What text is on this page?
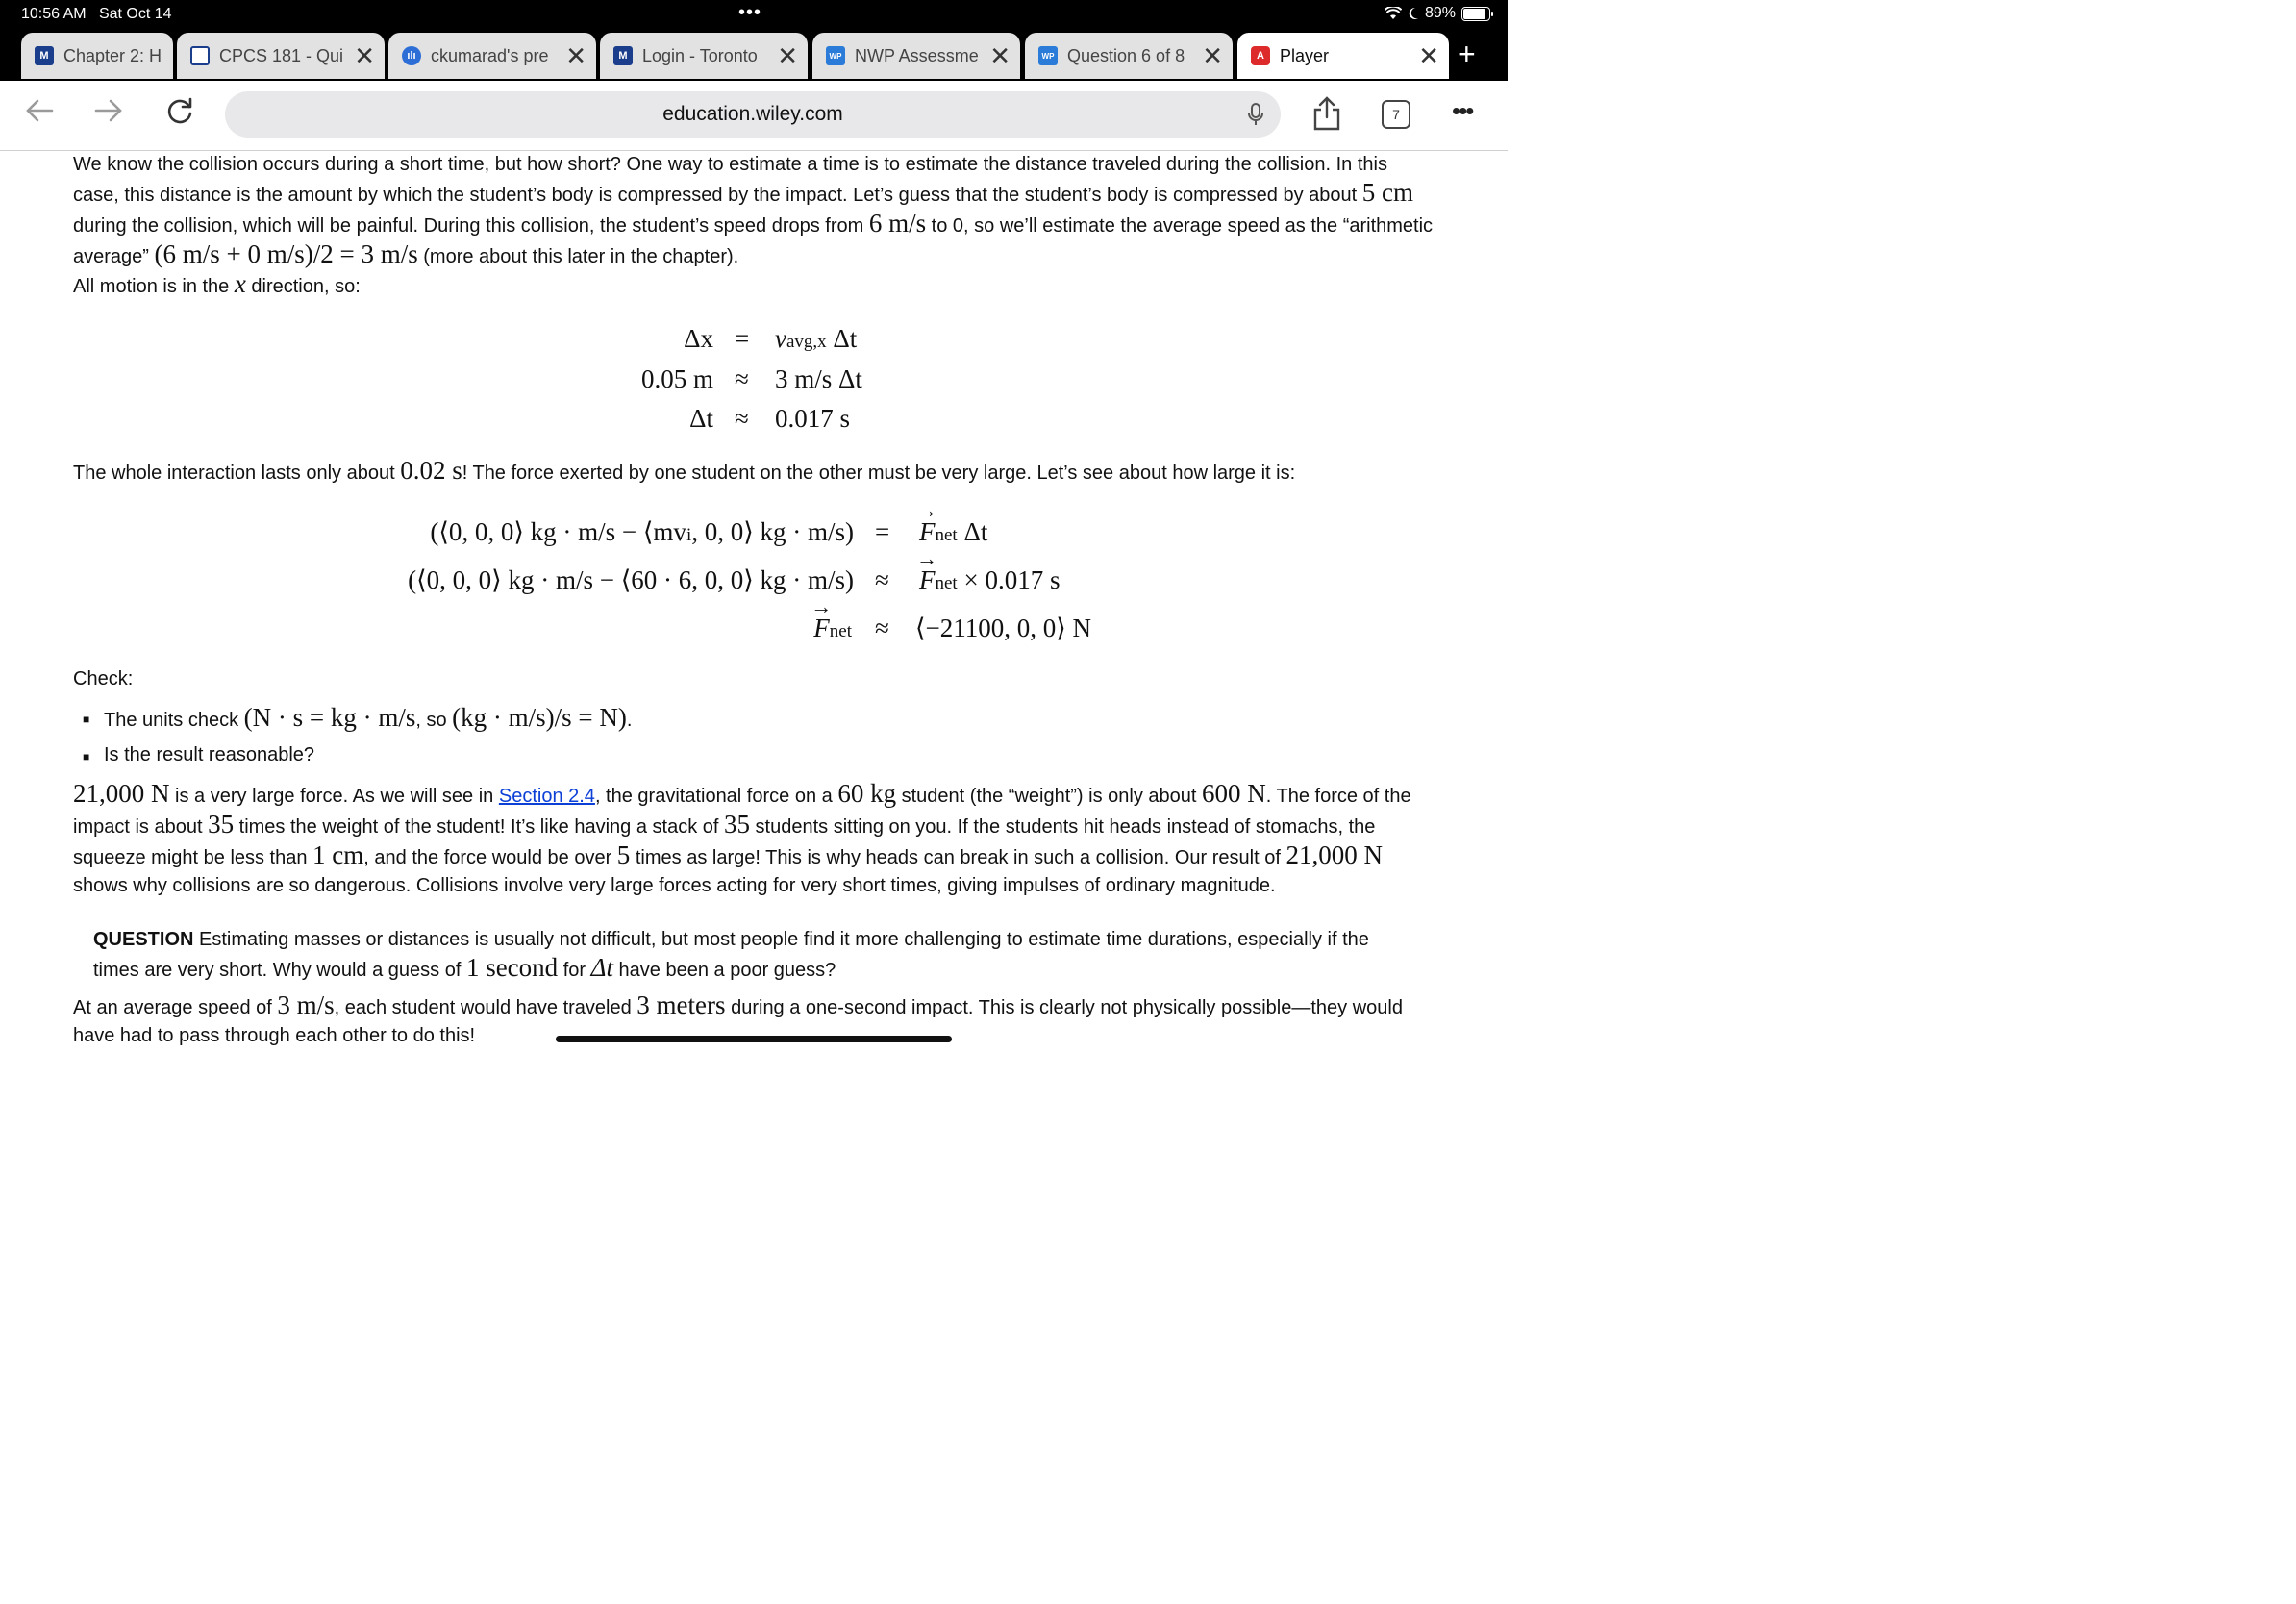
10:56 AM Sat Oct 14	•••	89%
M Chapter 2: H	★ CPCS 181 - Qui ✕	ılı ckumarad's pre ✕	M Login - Toronto ✕	WP NWP Assessme ✕	WP Question 6 of 8 ✕	A Player	✕ +
education.wiley.com	7	•••
We know the collision occurs during a short time, but how short? One way to estimate a time is to estimate the distance traveled during the collision. In this case, this distance is the amount by which the student’s body is compressed by the impact. Let’s guess that the student’s body is compressed by about 5 cm during the collision, which will be painful. During this collision, the student’s speed drops from 6 m/s to 0, so we’ll estimate the average speed as the “arithmetic average” (6 m/s + 0 m/s)/2 = 3 m/s (more about this later in the chapter).
All motion is in the x direction, so:
Δx = vavg,x Δt
0.05 m ≈ 3 m/s Δt
Δt ≈ 0.017 s
The whole interaction lasts only about 0.02 s! The force exerted by one student on the other must be very large. Let’s see about how large it is:
(⟨0, 0, 0⟩ kg · m/s − ⟨mvi, 0, 0⟩ kg · m/s) = → Fnet Δt
(⟨0, 0, 0⟩ kg · m/s − ⟨60 · 6, 0, 0⟩ kg · m/s) ≈ → Fnet × 0.017 s
→ Fnet ≈ ⟨−21100, 0, 0⟩ N
Check:
■ The units check (N · s = kg · m/s, so (kg · m/s)/s = N).
■ Is the result reasonable?
21,000 N is a very large force. As we will see in Section 2.4, the gravitational force on a 60 kg student (the “weight”) is only about 600 N. The force of the impact is about 35 times the weight of the student! It’s like having a stack of 35 students sitting on you. If the students hit heads instead of stomachs, the squeeze might be less than 1 cm, and the force would be over 5 times as large! This is why heads can break in such a collision. Our result of 21,000 N shows why collisions are so dangerous. Collisions involve very large forces acting for very short times, giving impulses of ordinary magnitude.
QUESTION Estimating masses or distances is usually not difficult, but most people find it more challenging to estimate time durations, especially if the times are very short. Why would a guess of 1 second for Δt have been a poor guess?
At an average speed of 3 m/s, each student would have traveled 3 meters during a one-second impact. This is clearly not physically possible—they would have had to pass through each other to do this!
